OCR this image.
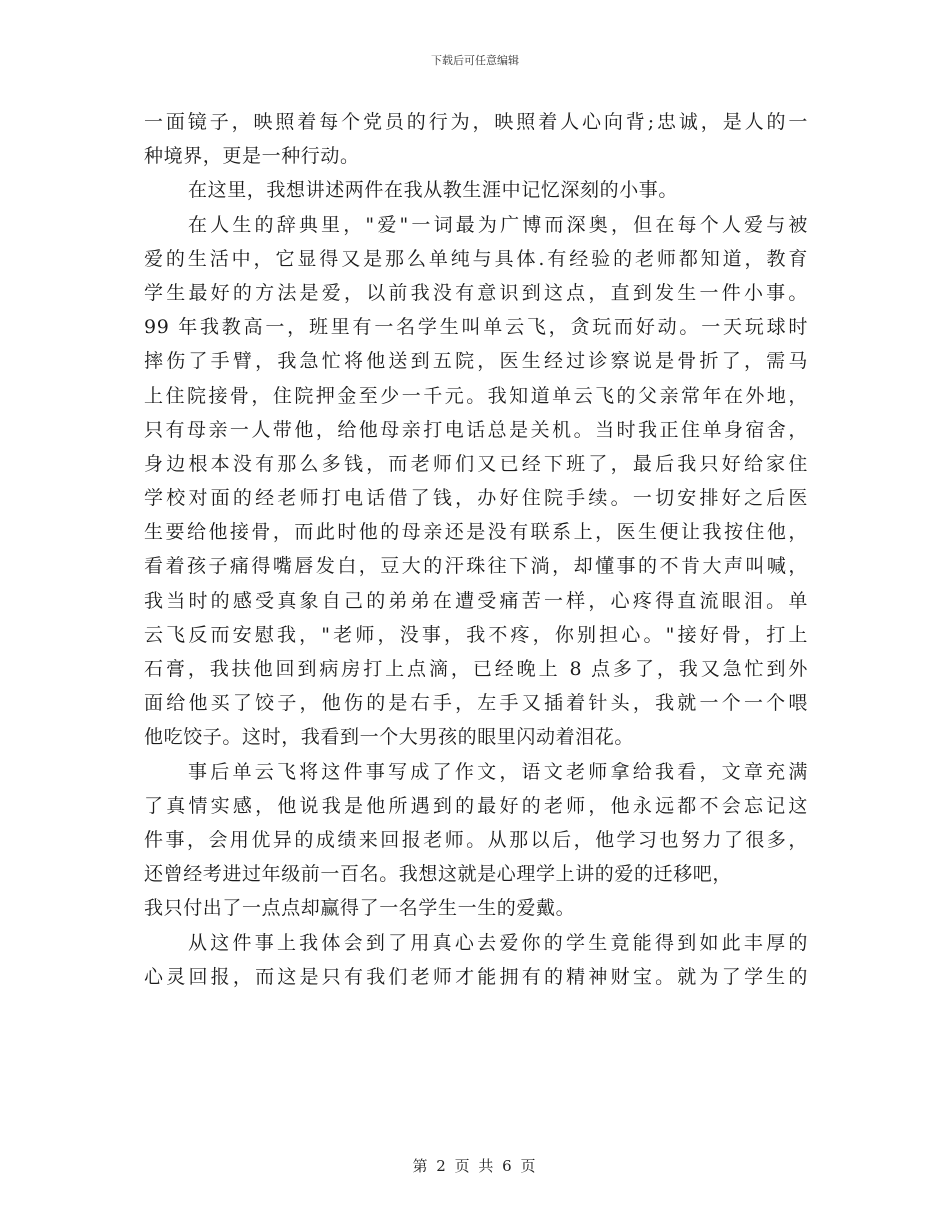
下载后可任意编辑
一面镜子，映照着每个党员的行为，映照着人心向背;忠诚，是人的一
种境界，更是一种行动。
在这里，我想讲述两件在我从教生涯中记忆深刻的小事。
在人生的辞典里，"爱"一词最为广博而深奥，但在每个人爱与被
爱的生活中，它显得又是那么单纯与具体.有经验的老师都知道，教育
学生最好的方法是爱，以前我没有意识到这点，直到发生一件小事。
99 年我教高一，班里有一名学生叫单云飞，贪玩而好动。一天玩球时
摔伤了手臂，我急忙将他送到五院，医生经过诊察说是骨折了，需马
上住院接骨，住院押金至少一千元。我知道单云飞的父亲常年在外地，
只有母亲一人带他，给他母亲打电话总是关机。当时我正住单身宿舍，
身边根本没有那么多钱，而老师们又已经下班了，最后我只好给家住
学校对面的经老师打电话借了钱，办好住院手续。一切安排好之后医
生要给他接骨，而此时他的母亲还是没有联系上，医生便让我按住他，
看着孩子痛得嘴唇发白，豆大的汗珠往下淌，却懂事的不肯大声叫喊，
我当时的感受真象自己的弟弟在遭受痛苦一样，心疼得直流眼泪。单
云飞反而安慰我，"老师，没事，我不疼，你别担心。"接好骨，打上
石膏，我扶他回到病房打上点滴，已经晚上 8 点多了，我又急忙到外
面给他买了饺子，他伤的是右手，左手又插着针头，我就一个一个喂
他吃饺子。这时，我看到一个大男孩的眼里闪动着泪花。
事后单云飞将这件事写成了作文，语文老师拿给我看，文章充满
了真情实感，他说我是他所遇到的最好的老师，他永远都不会忘记这
件事，会用优异的成绩来回报老师。从那以后，他学习也努力了很多，
还曾经考进过年级前一百名。我想这就是心理学上讲的爱的迁移吧，
我只付出了一点点却赢得了一名学生一生的爱戴。
从这件事上我体会到了用真心去爱你的学生竟能得到如此丰厚的
心灵回报，而这是只有我们老师才能拥有的精神财宝。就为了学生的
第 2 页 共 6 页
